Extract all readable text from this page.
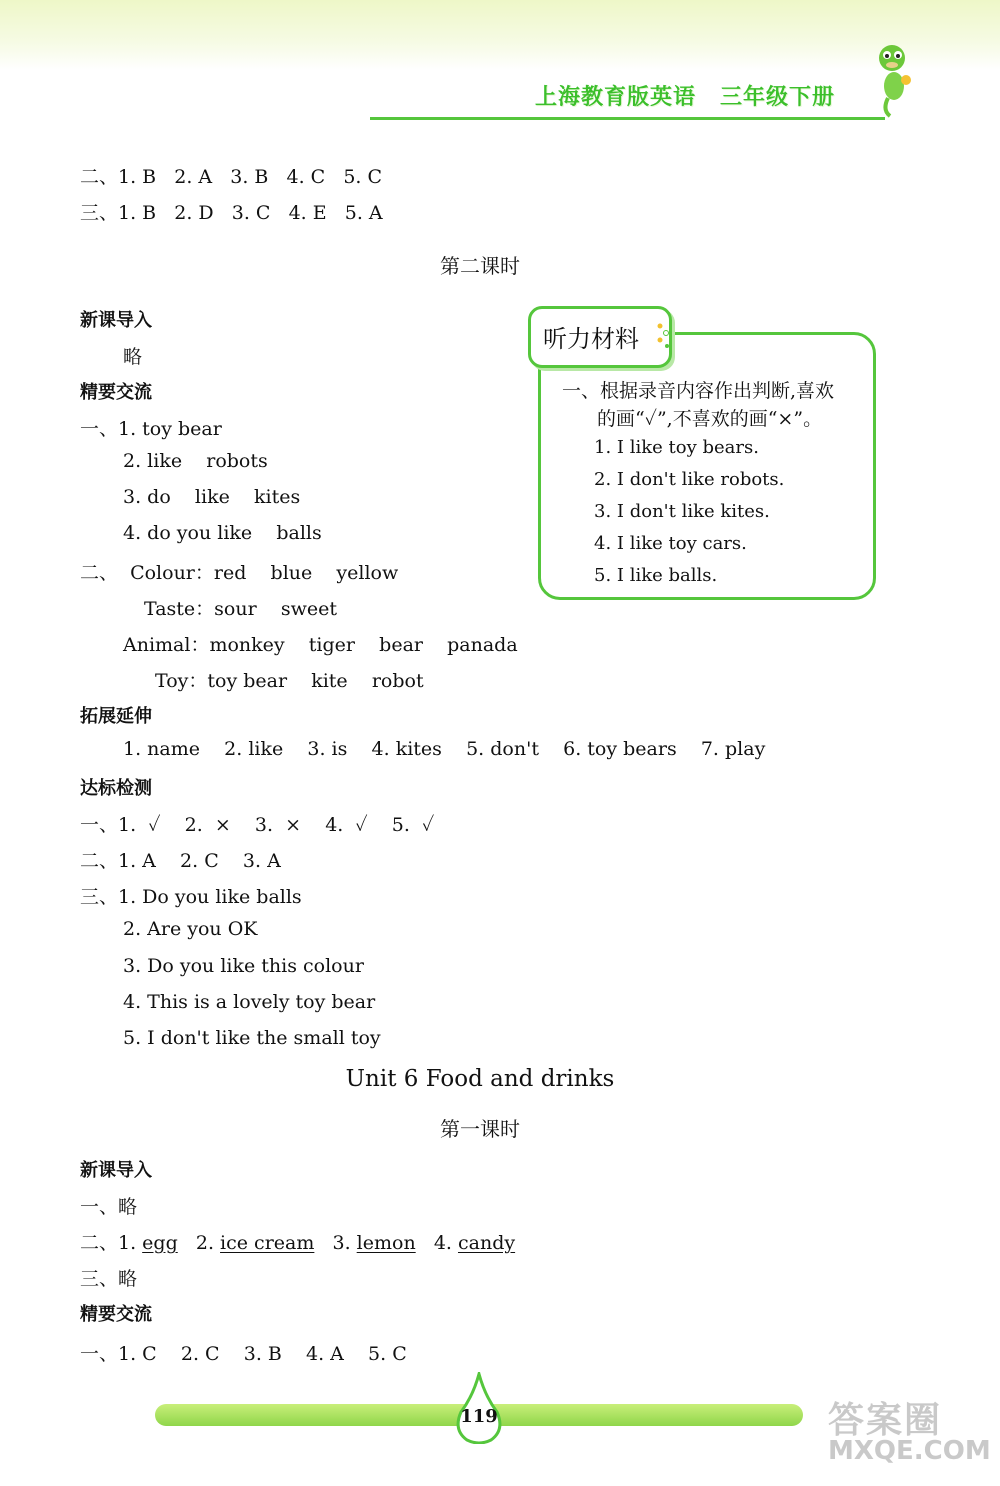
上海教育版英语 三年级下册
二、1. B   2. A   3. B   4. C   5. C
三、1. B   2. D   3. C   4. E   5. A
第二课时
新课导入
略
精要交流
一、1. toy bear
2. like    robots
3. do    like    kites
4. do you like    balls
二、  Colour：red    blue    yellow
Taste：sour    sweet
Animal：monkey    tiger    bear    panada
Toy：toy bear    kite    robot
拓展延伸
1. name    2. like    3. is    4. kites    5. don't    6. toy bears    7. play
达标检测
一、1.  ✓    2.  ×    3.  ×    4.  ✓    5.  ✓
二、1. A    2. C    3. A
三、1. Do you like balls
2. Are you OK
3. Do you like this colour
4. This is a lovely toy bear
5. I don't like the small toy
听力材料
一、根据录音内容作出判断,喜欢
的画“✓”,不喜欢的画“×”。
1. I like toy bears.
2. I don't like robots.
3. I don't like kites.
4. I like toy cars.
5. I like balls.
Unit 6 Food and drinks
第一课时
新课导入
一、略
二、1. egg 2. ice cream 3. lemon 4. candy
三、略
精要交流
一、1. C    2. C    3. B    4. A    5. C
119	答案圈
MXQE.COM
